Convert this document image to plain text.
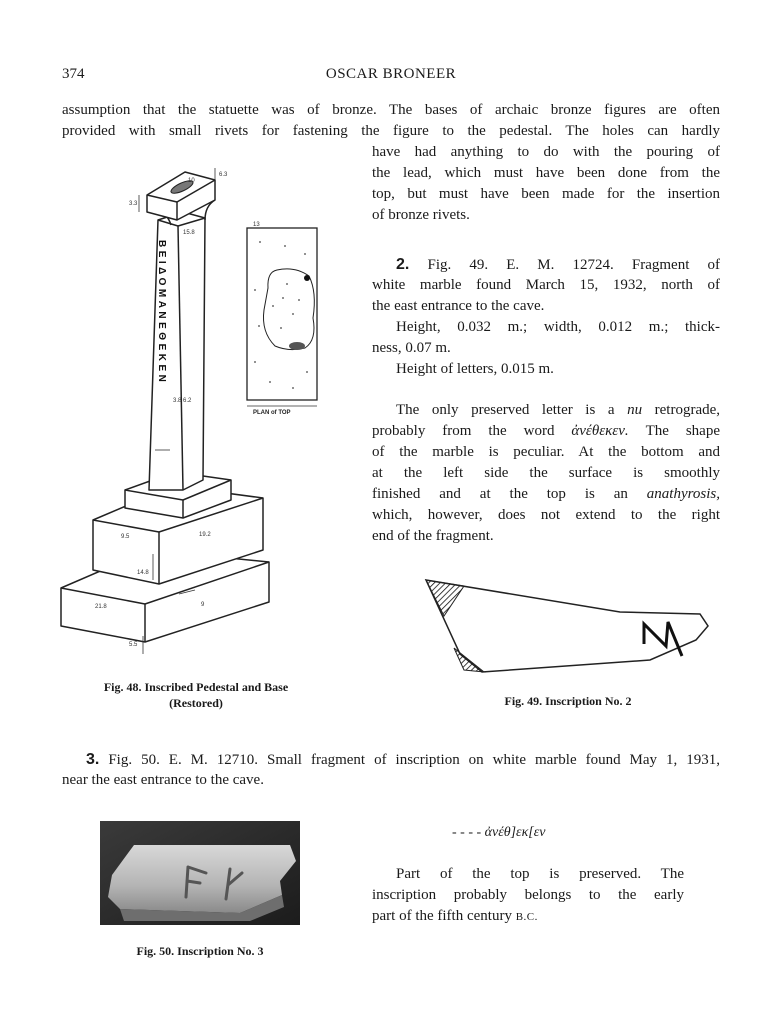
374	OSCAR BRONEER
assumption that the statuette was of bronze. The bases of archaic bronze figures are often
provided with small rivets for fastening the figure to the pedestal. The holes can hardly
have had anything to do with the pouring of
the lead, which must have been done from the
top, but must have been made for the insertion
of bronze rivets.
2. Fig. 49. E. M. 12724. Fragment of
white marble found March 15, 1932, north of
the east entrance to the cave.
Height, 0.032 m.; width, 0.012 m.; thick-
ness, 0.07 m.
Height of letters, 0.015 m.
The only preserved letter is a nu retrograde,
probably from the word ἀνέθεκεν. The shape
of the marble is peculiar. At the bottom and
at the left side the surface is smoothly
finished and at the top is an anathyrosis,
which, however, does not extend to the right
end of the fragment.
3.3
6.3
10
15.8
3.8 6.2
9.5
14.8
19.2
5.5
21.8	9
13
ΒΕΙΔΟΜΑΝΕΘΕΚΕΝ
PLAN of TOP
Fig. 48. Inscribed Pedestal and Base
(Restored)	Fig. 49. Inscription No. 2
3. Fig. 50. E. M. 12710. Small fragment of inscription on white marble found May 1, 1931,
near the east entrance to the cave.
- - - - ἀνέθ]εκ[εν
Part of the top is preserved. The
inscription probably belongs to the early
part of the fifth century B.C.
Fig. 50. Inscription No. 3
